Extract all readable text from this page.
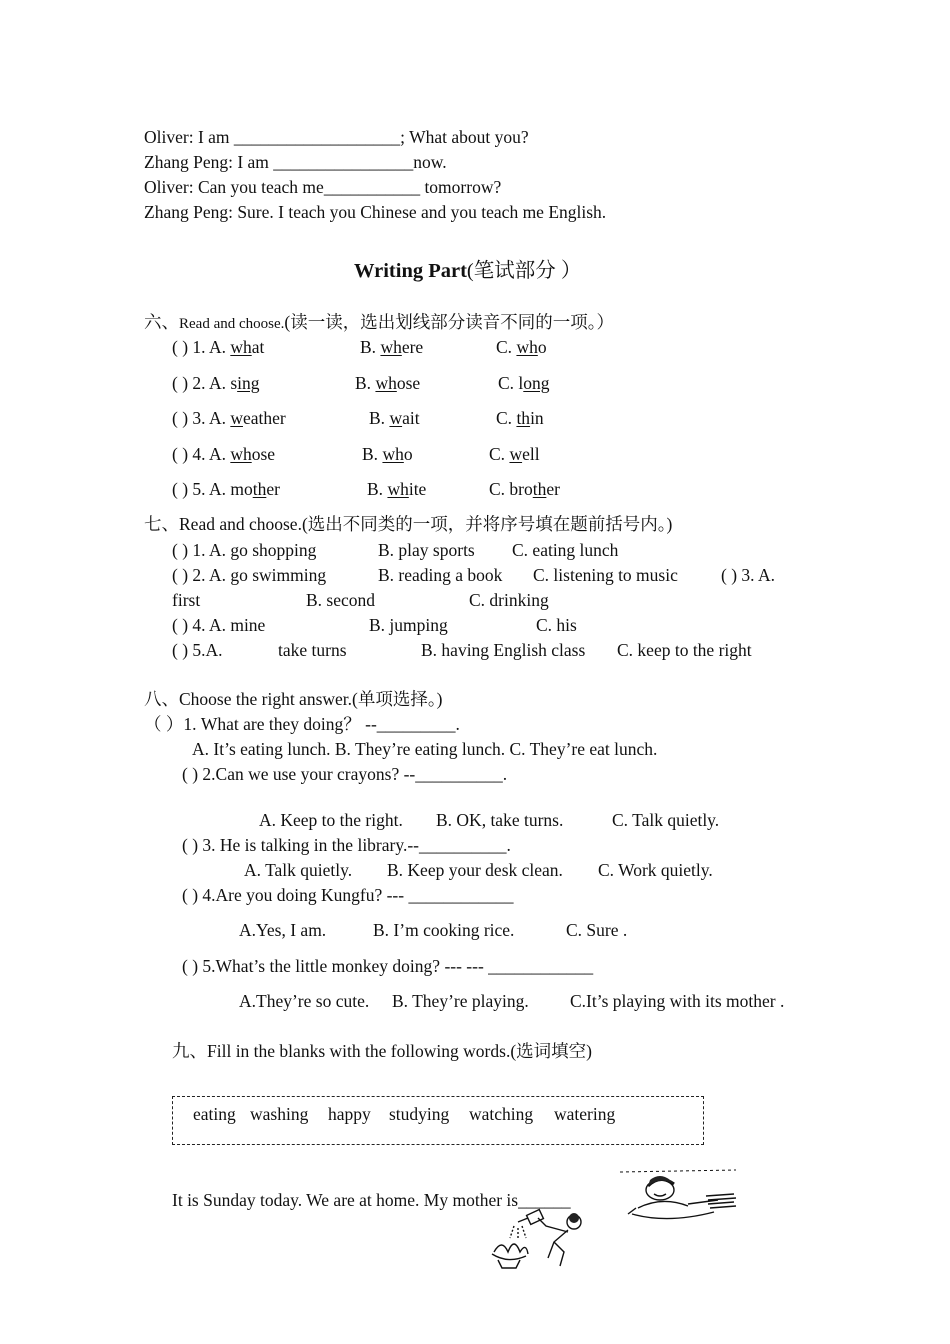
Oliver: I am ___________________; What about you?
Zhang Peng: I am ________________now.
Oliver: Can you teach me___________ tomorrow?
Zhang Peng: Sure. I teach you Chinese and you teach me English.
Writing Part(笔试部分 ）
六、Read and choose.(读一读，选出划线部分读音不同的一项。）
( ) 1. A. what	B. where	C. who
( ) 2. A. sing	B. whose	C. long
( ) 3. A. weather	B. wait	C. thin
( ) 4. A. whose	B. who	C. well
( ) 5. A. mother	B. white	C. brother
七、Read and choose.(选出不同类的一项，并将序号填在题前括号内。)
( ) 1. A. go shopping	B. play sports C. eating lunch
( ) 2. A. go swimming	B. reading a book C. listening to music ( ) 3. A.
first	B. second	C. drinking
( ) 4. A. mine	B. jumping	C. his
( ) 5.A.	take turns	B. having English class C. keep to the right
八、Choose the right answer.(单项选择。)
（ ）1. What are they doing？ --_________.
A. It’s eating lunch. B. They’re eating lunch. C. They’re eat lunch.
( ) 2.Can we use your crayons? --__________.
A. Keep to the right. B. OK, take turns.	C. Talk quietly.
( ) 3. He is talking in the library.--__________.
A. Talk quietly. B. Keep your desk clean. C. Work quietly.
( ) 4.Are you doing Kungfu? --- ____________
A.Yes, I am.	B. I’m cooking rice.	C. Sure .
( ) 5.What’s the little monkey doing? --- --- ____________
A.They’re so cute. B. They’re playing. C.It’s playing with its mother .
九、Fill in the blanks with the following words.(选词填空)
eating washing happy studying watching watering
It is Sunday today. We are at home. My mother is______
